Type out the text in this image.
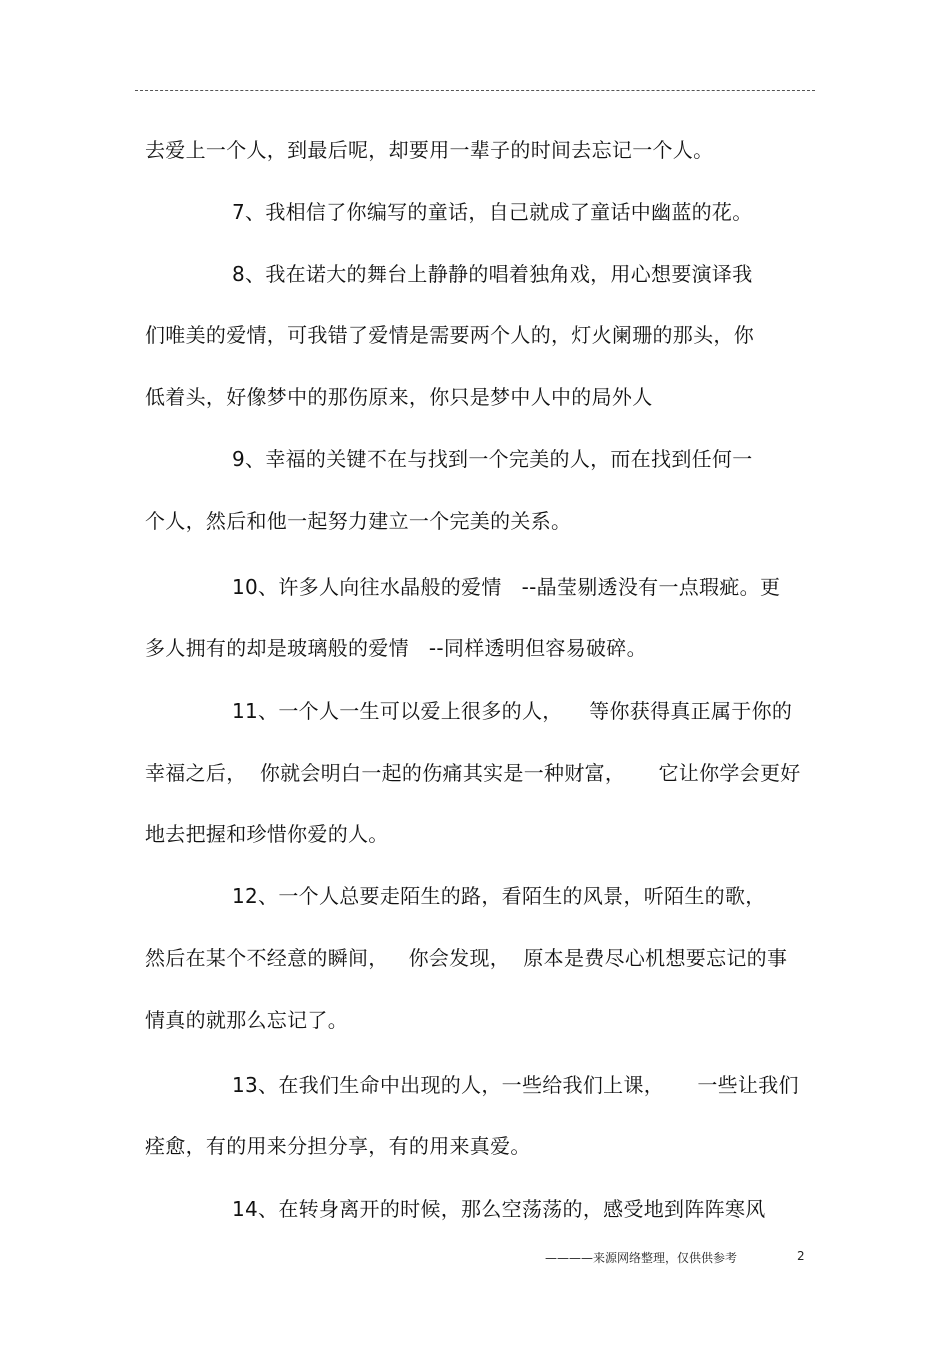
去爱上一个人，到最后呢，却要用一辈子的时间去忘记一个人。
7、我相信了你编写的童话，自己就成了童话中幽蓝的花。
8、我在诺大的舞台上静静的唱着独角戏，用心想要演译我
们唯美的爱情，可我错了爱情是需要两个人的，灯火阑珊的那头，你
低着头，好像梦中的那伤原来，你只是梦中人中的局外人
9、幸福的关键不在与找到一个完美的人，而在找到任何一
个人，然后和他一起努力建立一个完美的关系。
10、许多人向往水晶般的爱情   --晶莹剔透没有一点瑕疵。更
多人拥有的却是玻璃般的爱情   --同样透明但容易破碎。
11、一个人一生可以爱上很多的人，    等你获得真正属于你的
幸福之后，  你就会明白一起的伤痛其实是一种财富，     它让你学会更好
地去把握和珍惜你爱的人。
12、一个人总要走陌生的路，看陌生的风景，听陌生的歌，
然后在某个不经意的瞬间，   你会发现，  原本是费尽心机想要忘记的事
情真的就那么忘记了。
13、在我们生命中出现的人，一些给我们上课，     一些让我们
痊愈，有的用来分担分享，有的用来真爱。
14、在转身离开的时候，那么空荡荡的，感受地到阵阵寒风
————来源网络整理，仅供供参考	2
